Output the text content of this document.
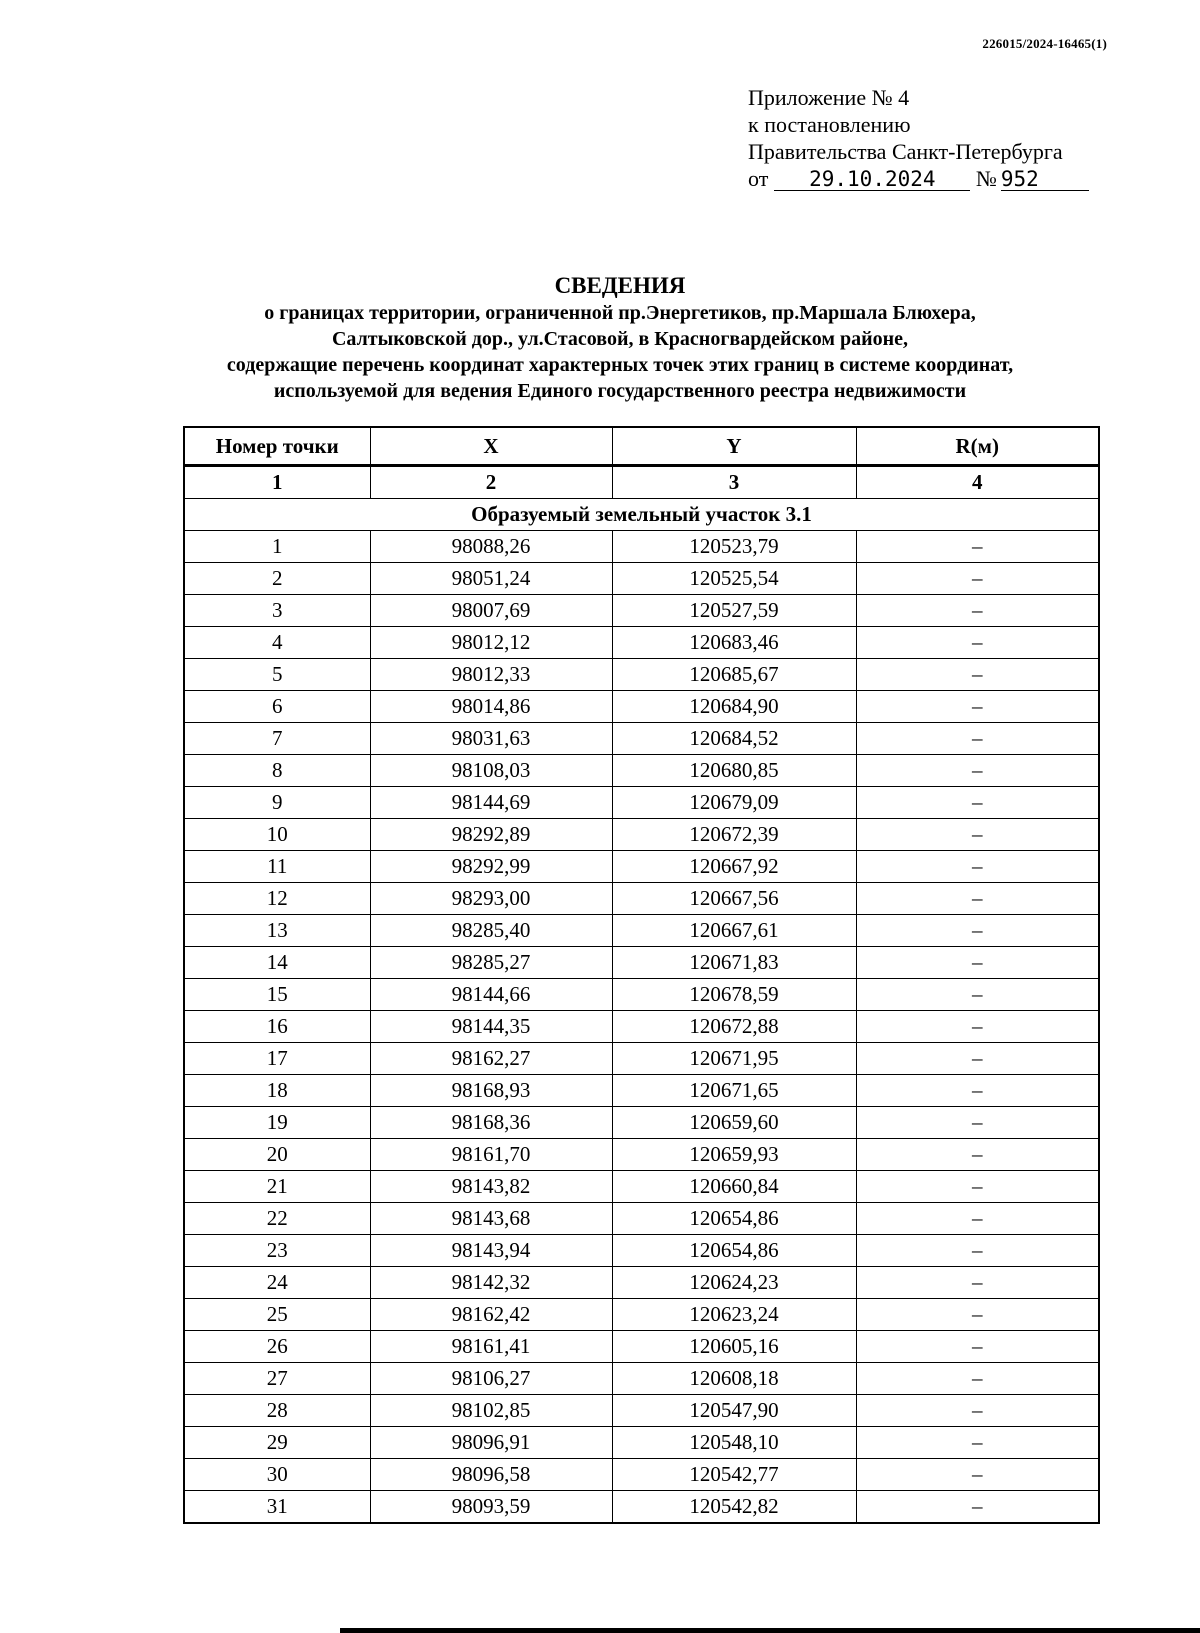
226015/2024-16465(1)
Приложение № 4
к постановлению
Правительства Санкт-Петербурга
от 29.10.2024 № 952
СВЕДЕНИЯ
о границах территории, ограниченной пр.Энергетиков, пр.Маршала Блюхера,
Салтыковской дор., ул.Стасовой, в Красногвардейском районе,
содержащие перечень координат характерных точек этих границ в системе координат,
используемой для ведения Единого государственного реестра недвижимости
Номер точки	X	Y	R(м)
1	2	3	4
Образуемый земельный участок 3.1			
1	98088,26	120523,79	–
2	98051,24	120525,54	–
3	98007,69	120527,59	–
4	98012,12	120683,46	–
5	98012,33	120685,67	–
6	98014,86	120684,90	–
7	98031,63	120684,52	–
8	98108,03	120680,85	–
9	98144,69	120679,09	–
10	98292,89	120672,39	–
11	98292,99	120667,92	–
12	98293,00	120667,56	–
13	98285,40	120667,61	–
14	98285,27	120671,83	–
15	98144,66	120678,59	–
16	98144,35	120672,88	–
17	98162,27	120671,95	–
18	98168,93	120671,65	–
19	98168,36	120659,60	–
20	98161,70	120659,93	–
21	98143,82	120660,84	–
22	98143,68	120654,86	–
23	98143,94	120654,86	–
24	98142,32	120624,23	–
25	98162,42	120623,24	–
26	98161,41	120605,16	–
27	98106,27	120608,18	–
28	98102,85	120547,90	–
29	98096,91	120548,10	–
30	98096,58	120542,77	–
31	98093,59	120542,82	–
